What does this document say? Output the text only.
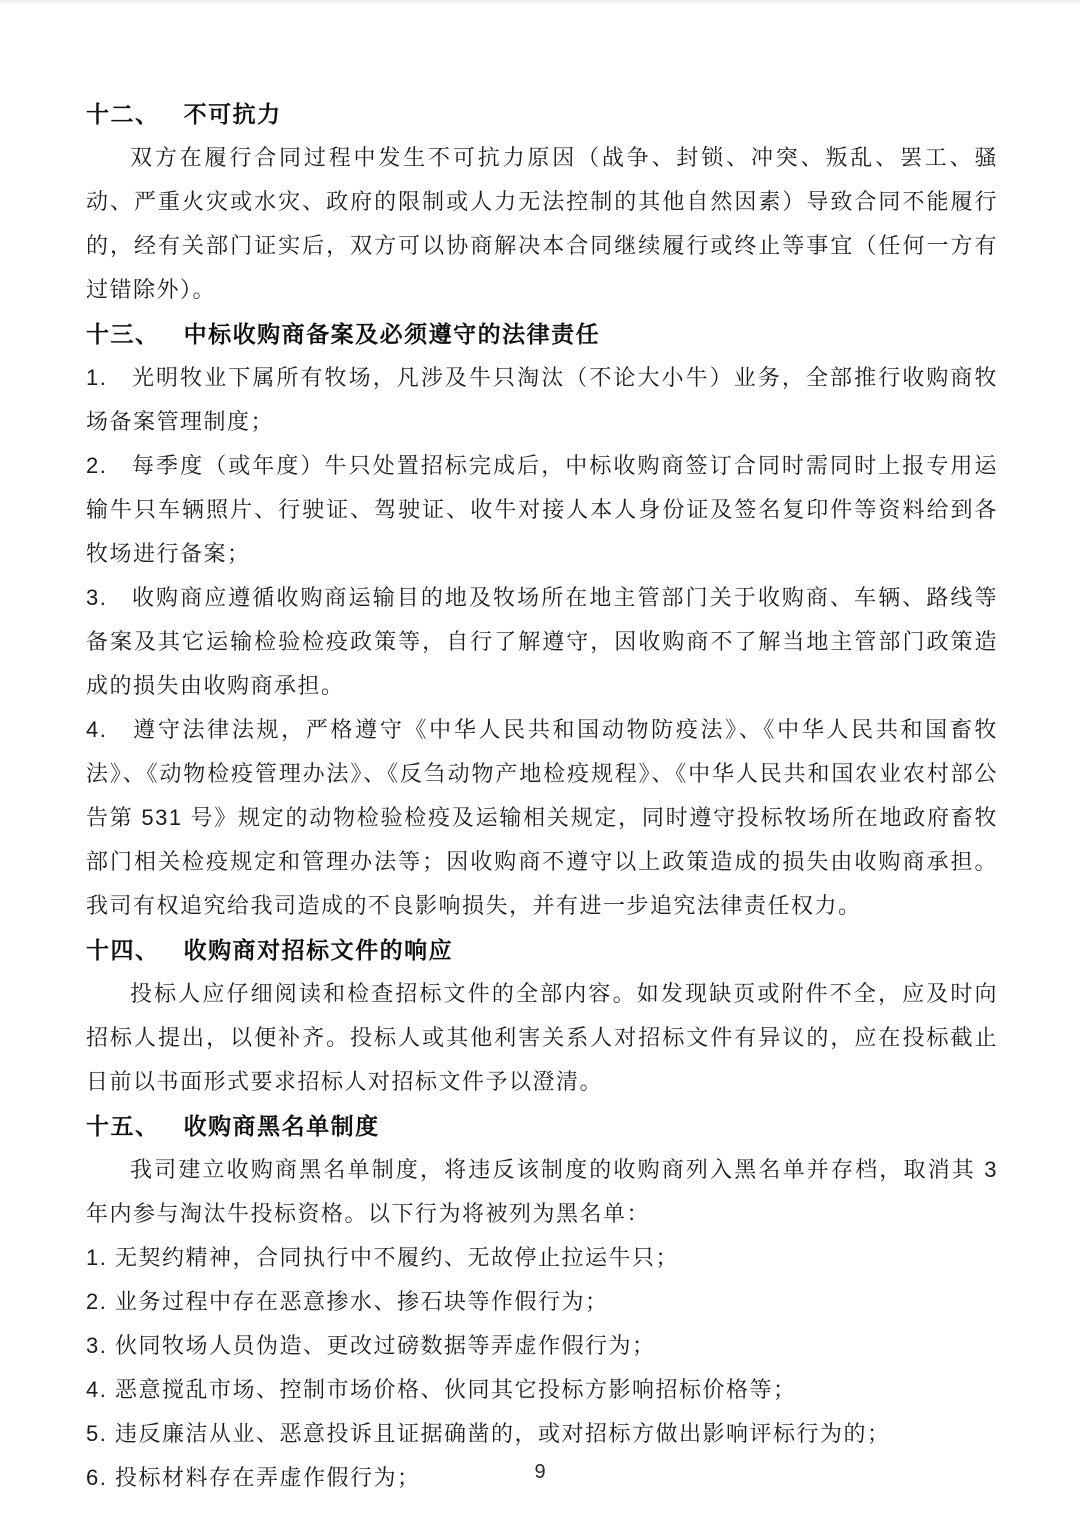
十二、 不可抗力

双方在履行合同过程中发生不可抗力原因（战争、封锁、冲突、叛乱、罢工、骚动、严重火灾或水灾、政府的限制或人力无法控制的其他自然因素）导致合同不能履行的，经有关部门证实后，双方可以协商解决本合同继续履行或终止等事宜（任何一方有过错除外）。

十三、 中标收购商备案及必须遵守的法律责任

1.　光明牧业下属所有牧场，凡涉及牛只淘汰（不论大小牛）业务，全部推行收购商牧场备案管理制度；

2.　每季度（或年度）牛只处置招标完成后，中标收购商签订合同时需同时上报专用运输牛只车辆照片、行驶证、驾驶证、收牛对接人本人身份证及签名复印件等资料给到各牧场进行备案；

3.　收购商应遵循收购商运输目的地及牧场所在地主管部门关于收购商、车辆、路线等备案及其它运输检验检疫政策等，自行了解遵守，因收购商不了解当地主管部门政策造成的损失由收购商承担。

4.　遵守法律法规，严格遵守《中华人民共和国动物防疫法》、《中华人民共和国畜牧法》、《动物检疫管理办法》、《反刍动物产地检疫规程》、《中华人民共和国农业农村部公告第 531 号》规定的动物检验检疫及运输相关规定，同时遵守投标牧场所在地政府畜牧部门相关检疫规定和管理办法等；因收购商不遵守以上政策造成的损失由收购商承担。我司有权追究给我司造成的不良影响损失，并有进一步追究法律责任权力。

十四、 收购商对招标文件的响应

投标人应仔细阅读和检查招标文件的全部内容。如发现缺页或附件不全，应及时向招标人提出，以便补齐。投标人或其他利害关系人对招标文件有异议的，应在投标截止日前以书面形式要求招标人对招标文件予以澄清。

十五、 收购商黑名单制度

我司建立收购商黑名单制度，将违反该制度的收购商列入黑名单并存档，取消其 3 年内参与淘汰牛投标资格。以下行为将被列为黑名单：

1. 无契约精神，合同执行中不履约、无故停止拉运牛只；

2. 业务过程中存在恶意掺水、掺石块等作假行为；

3. 伙同牧场人员伪造、更改过磅数据等弄虚作假行为；

4. 恶意搅乱市场、控制市场价格、伙同其它投标方影响招标价格等；

5. 违反廉洁从业、恶意投诉且证据确凿的，或对招标方做出影响评标行为的；

6. 投标材料存在弄虚作假行为；	9
